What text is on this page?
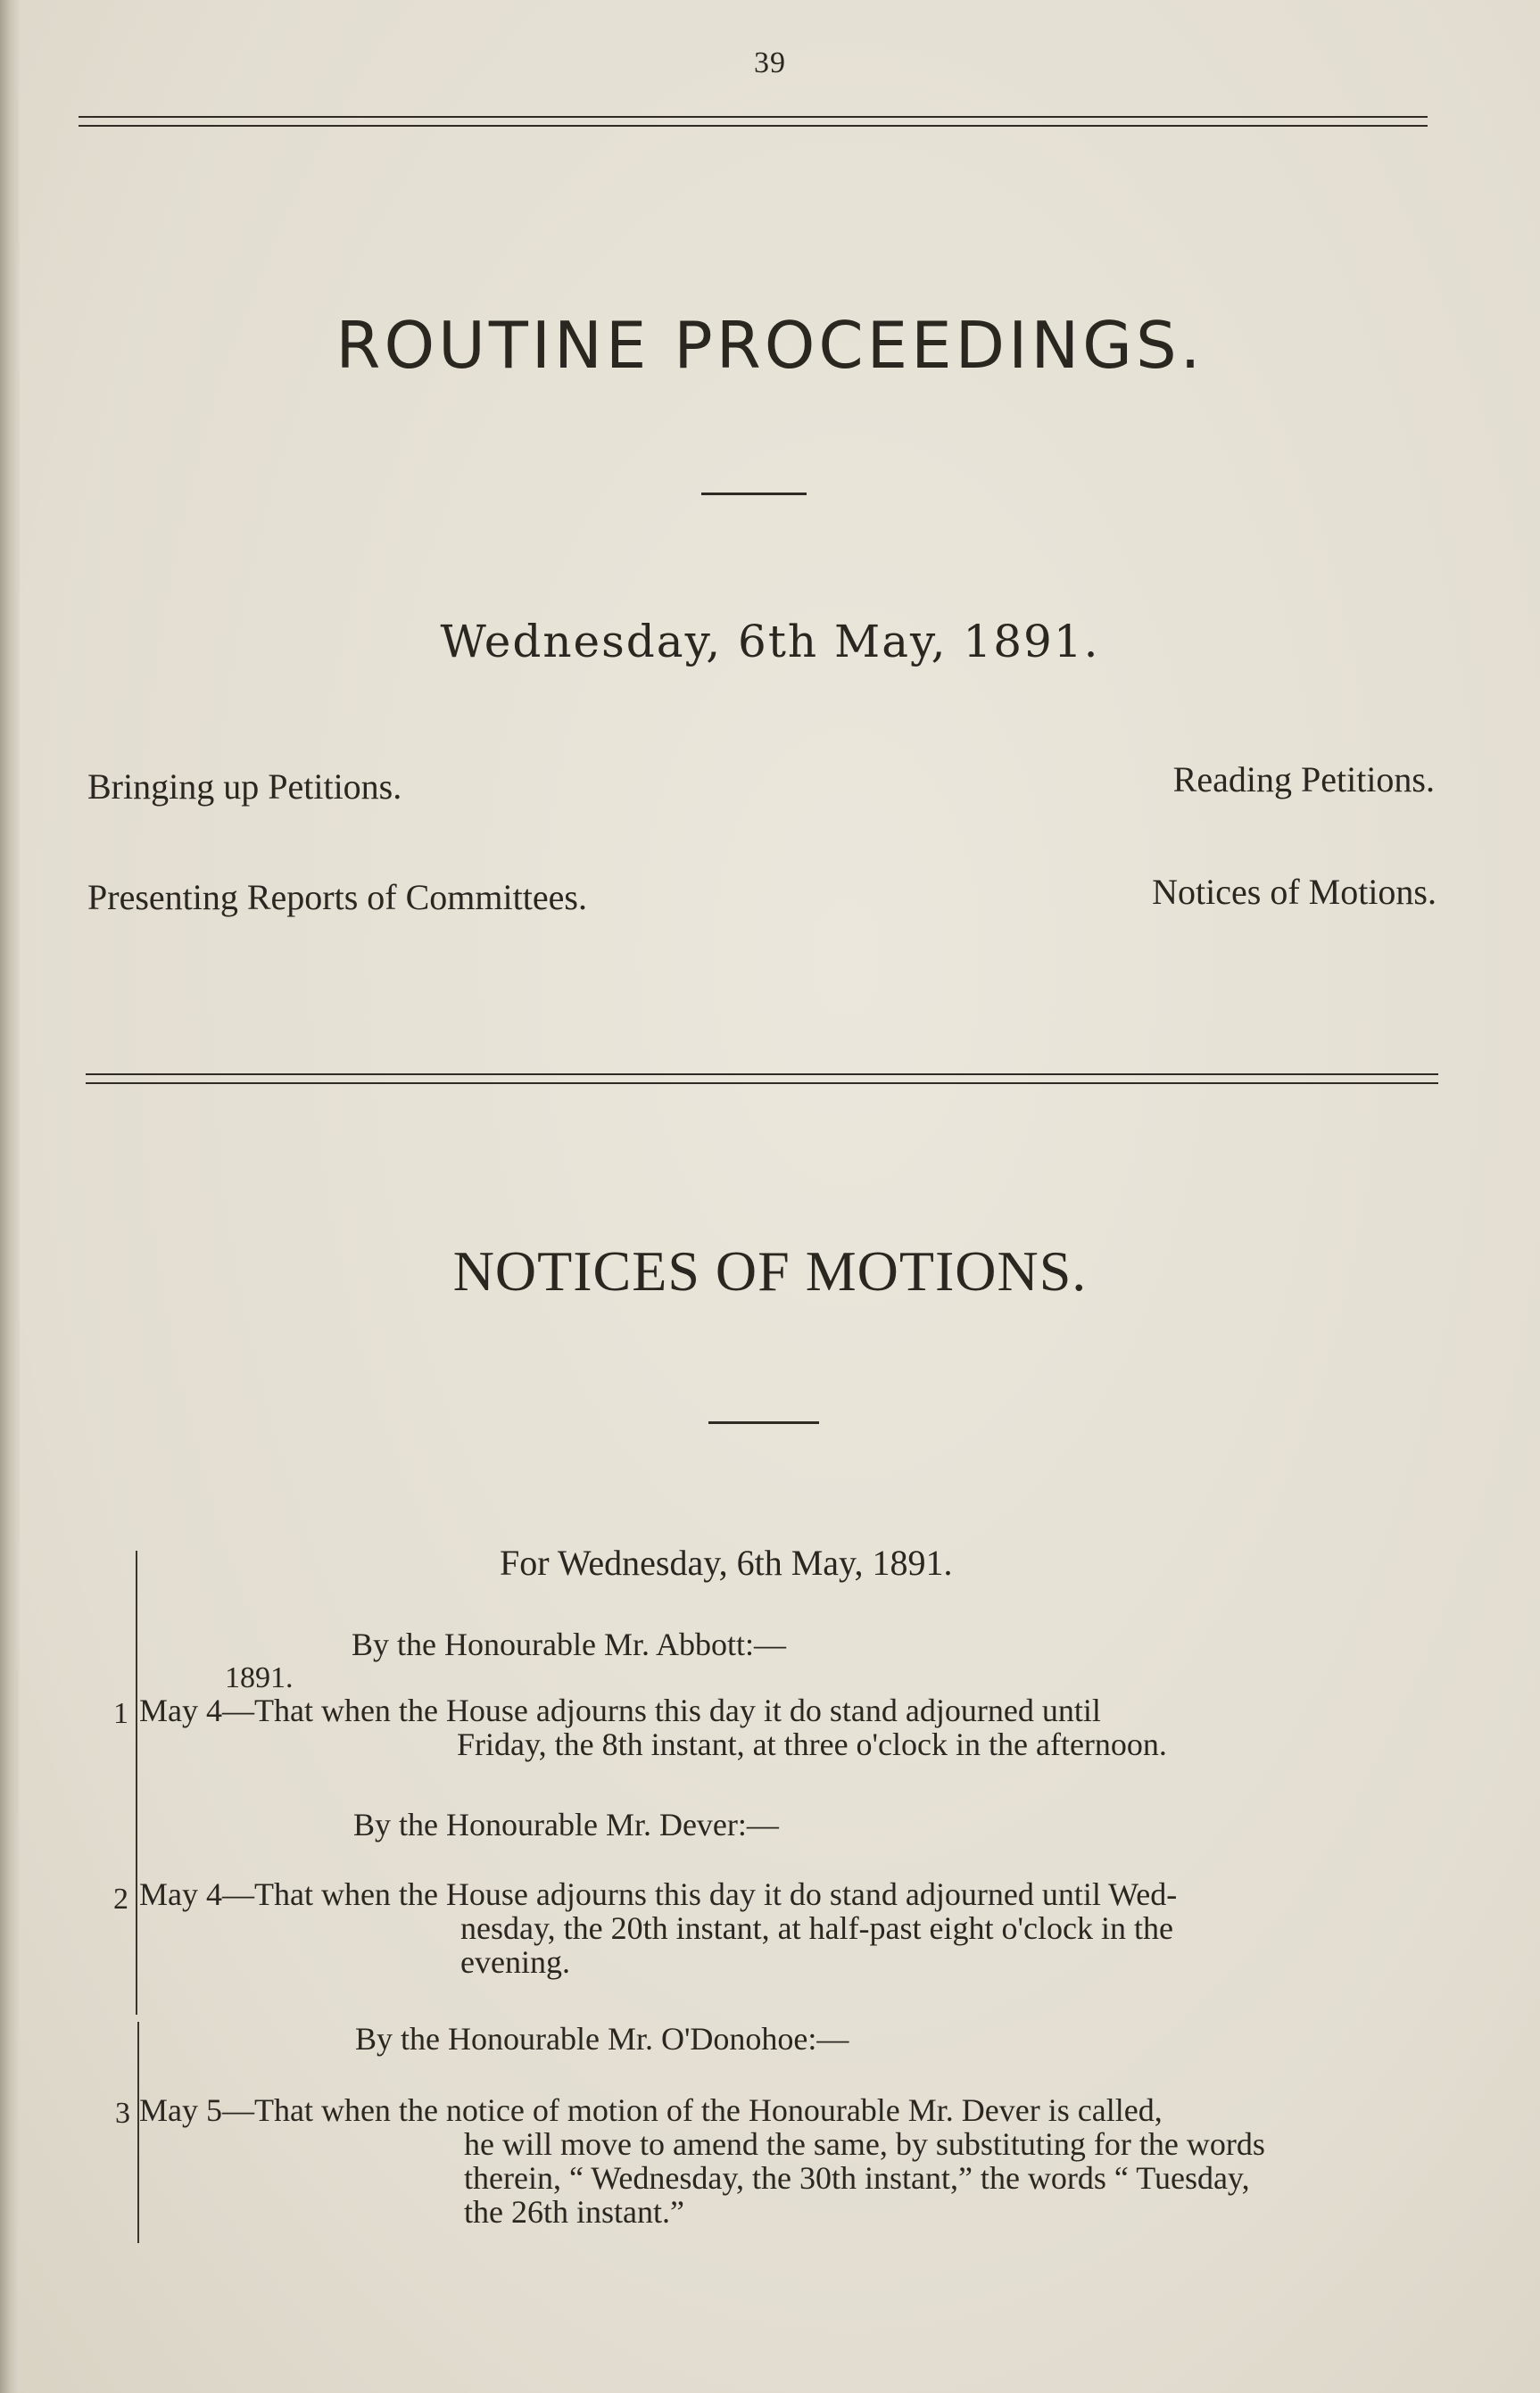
39
ROUTINE PROCEEDINGS.
Wednesday, 6th May, 1891.
Bringing up Petitions.	Reading Petitions.
Presenting Reports of Committees.	Notices of Motions.
NOTICES OF MOTIONS.
For Wednesday, 6th May, 1891.
By the Honourable Mr. Abbott:—
1891.
1 May 4—That when the House adjourns this day it do stand adjourned until
Friday, the 8th instant, at three o'clock in the afternoon.
By the Honourable Mr. Dever:—
2 May 4—That when the House adjourns this day it do stand adjourned until Wed-
nesday, the 20th instant, at half-past eight o'clock in the
evening.
By the Honourable Mr. O'Donohoe:—
3 May 5—That when the notice of motion of the Honourable Mr. Dever is called,
he will move to amend the same, by substituting for the words
therein, “ Wednesday, the 30th instant,” the words “ Tuesday,
the 26th instant.”
